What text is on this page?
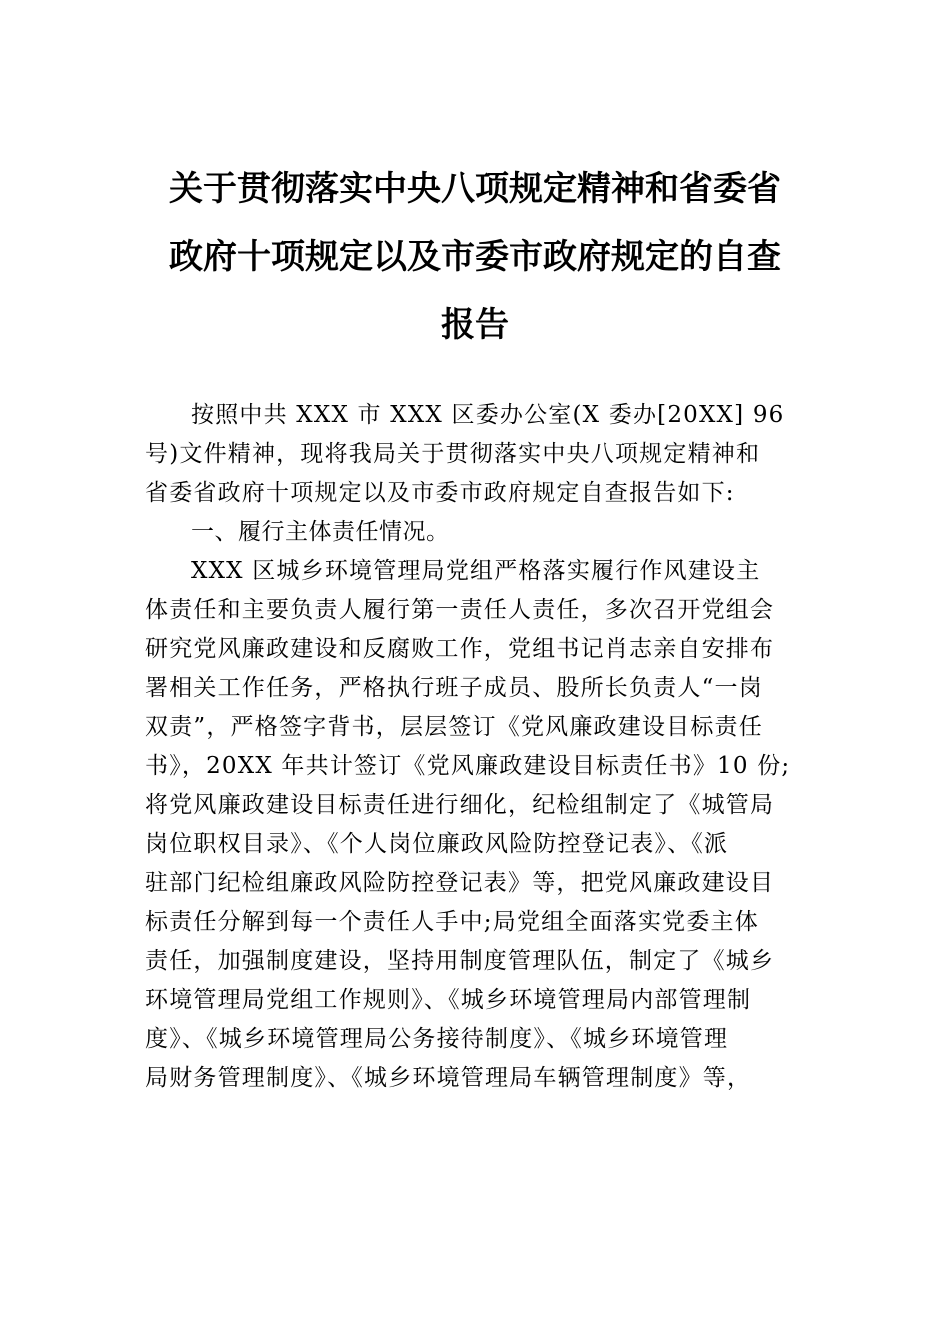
关于贯彻落实中央八项规定精神和省委省
政府十项规定以及市委市政府规定的自查
报告

按照中共 XXX 市 XXX 区委办公室(X 委办[20XX] 96
号)文件精神，现将我局关于贯彻落实中央八项规定精神和
省委省政府十项规定以及市委市政府规定自查报告如下:

一、履行主体责任情况。

XXX 区城乡环境管理局党组严格落实履行作风建设主
体责任和主要负责人履行第一责任人责任，多次召开党组会
研究党风廉政建设和反腐败工作，党组书记肖志亲自安排布
署相关工作任务，严格执行班子成员、股所长负责人“一岗
双责”，严格签字背书，层层签订《党风廉政建设目标责任
书》，20XX 年共计签订《党风廉政建设目标责任书》10 份;
将党风廉政建设目标责任进行细化，纪检组制定了《城管局
岗位职权目录》、《个人岗位廉政风险防控登记表》、《派
驻部门纪检组廉政风险防控登记表》等，把党风廉政建设目
标责任分解到每一个责任人手中;局党组全面落实党委主体
责任，加强制度建设，坚持用制度管理队伍，制定了《城乡
环境管理局党组工作规则》、《城乡环境管理局内部管理制
度》、《城乡环境管理局公务接待制度》、《城乡环境管理
局财务管理制度》、《城乡环境管理局车辆管理制度》等，
